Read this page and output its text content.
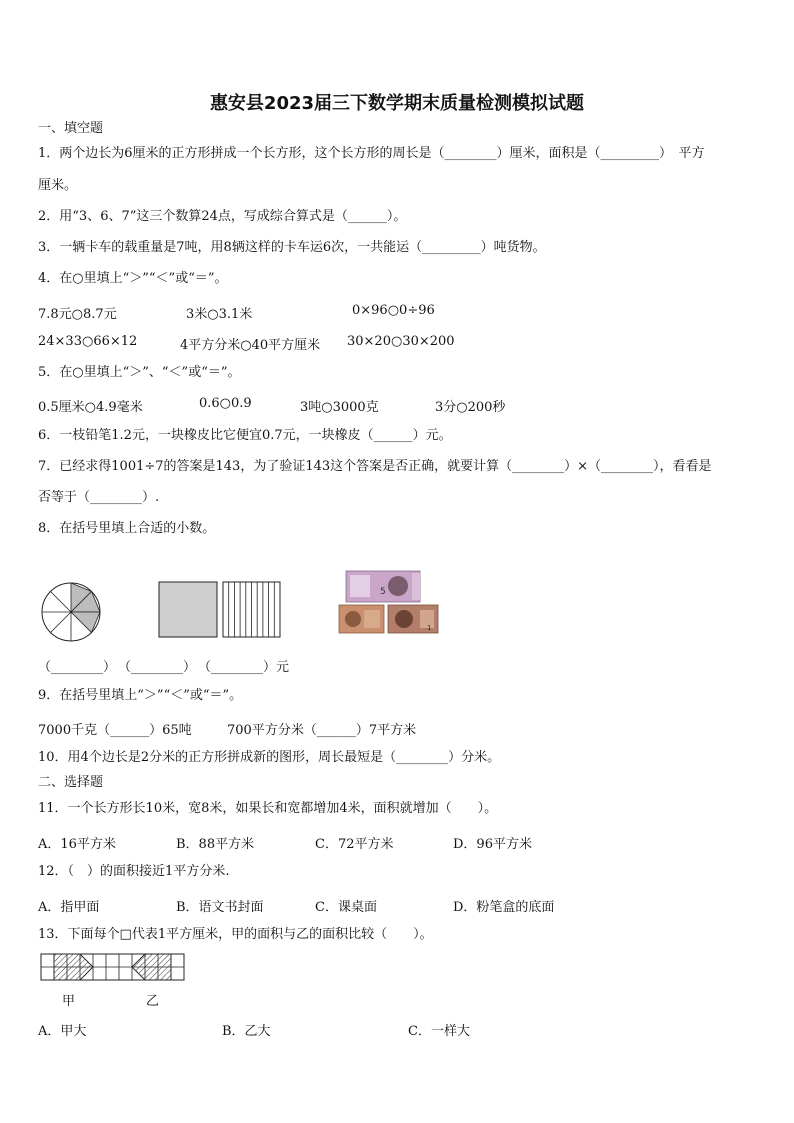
惠安县2023届三下数学期末质量检测模拟试题
一、填空题
1．两个边长为6厘米的正方形拼成一个长方形，这个长方形的周长是（________）厘米，面积是（_________）　平方
厘米。
2．用“3、6、7”这三个数算24点，写成综合算式是（______）。
3．一辆卡车的载重量是7吨，用8辆这样的卡车运6次，一共能运（_________）吨货物。
4．在○里填上“＞”“＜”或“＝”。
7.8元○8.7元	3米○3.1米	0×96○0÷96
24×33○66×12	4平方分米○40平方厘米 30×20○30×200
5．在○里填上“＞”、“＜”或“＝”。
0.5厘米○4.9毫米	0.6○0.9	3吨○3000克	3分○200秒
6．一枝铅笔1.2元，一块橡皮比它便宜0.7元，一块橡皮（______）元。
7．已经求得1001÷7的答案是143，为了验证143这个答案是否正确，就要计算（________）×（________），看看是
否等于（________）.
8．在括号里填上合适的小数。
5
1
（________） （________） （________）元
9．在括号里填上“＞”“＜”或“＝”。
7000千克（______）65吨	700平方分米（______）7平方米
10．用4个边长是2分米的正方形拼成新的图形，周长最短是（________）分米。
二、选择题
11．一个长方形长10米，宽8米，如果长和宽都增加4米，面积就增加（　　）。
A．16平方米	B．88平方米	C．72平方米	D．96平方米
12．（　）的面积接近1平方分米.
A．指甲面	B．语文书封面	C．课桌面	D．粉笔盒的底面
13．下面每个□代表1平方厘米，甲的面积与乙的面积比较（　　）。
甲	乙
A．甲大	B．乙大	C．一样大
